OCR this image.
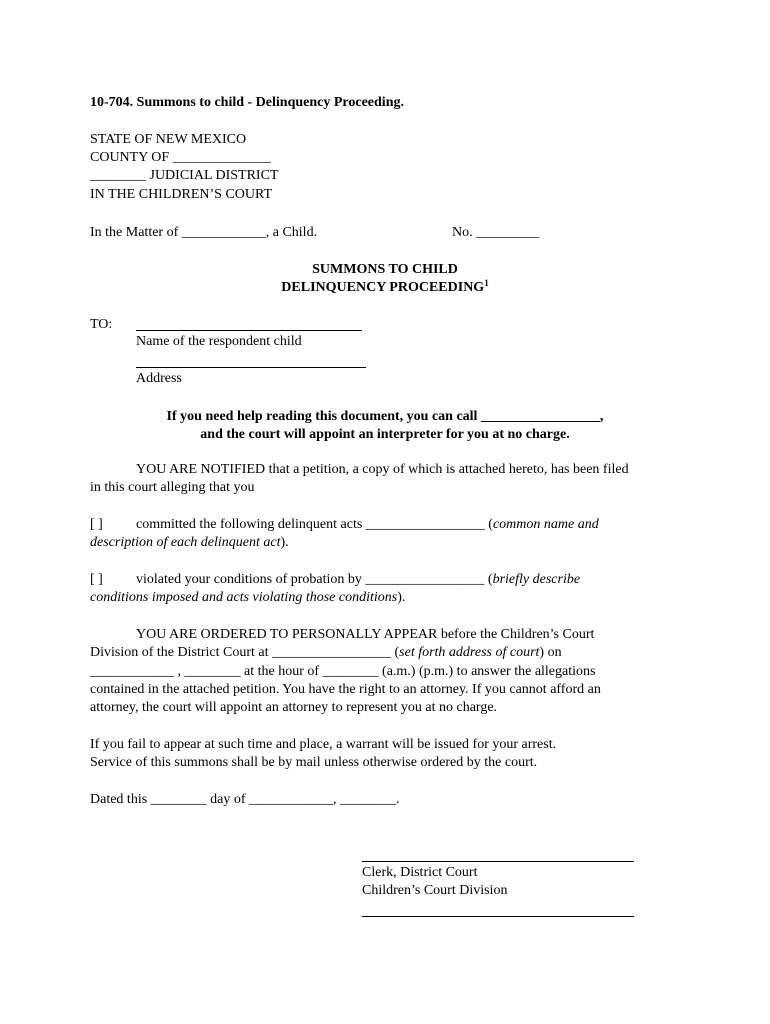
10-704. Summons to child - Delinquency Proceeding.
STATE OF NEW MEXICO
COUNTY OF ______________
________ JUDICIAL DISTRICT
IN THE CHILDREN’S COURT
In the Matter of ____________, a Child.	No. _________
SUMMONS TO CHILD
DELINQUENCY PROCEEDING$^1$
TO:
Name of the respondent child
Address
If you need help reading this document, you can call _________________,
and the court will appoint an interpreter for you at no charge.
YOU ARE NOTIFIED that a petition, a copy of which is attached hereto, has been filed
in this court alleging that you
[ ] committed the following delinquent acts _________________ (common name and
description of each delinquent act).
[ ] violated your conditions of probation by _________________ (briefly describe
conditions imposed and acts violating those conditions).
YOU ARE ORDERED TO PERSONALLY APPEAR before the Children’s Court
Division of the District Court at _________________ (set forth address of court) on
____________ , ________ at the hour of ________ (a.m.) (p.m.) to answer the allegations
contained in the attached petition. You have the right to an attorney. If you cannot afford an
attorney, the court will appoint an attorney to represent you at no charge.
If you fail to appear at such time and place, a warrant will be issued for your arrest.
Service of this summons shall be by mail unless otherwise ordered by the court.
Dated this ________ day of ____________, ________.
Clerk, District Court
Children’s Court Division
